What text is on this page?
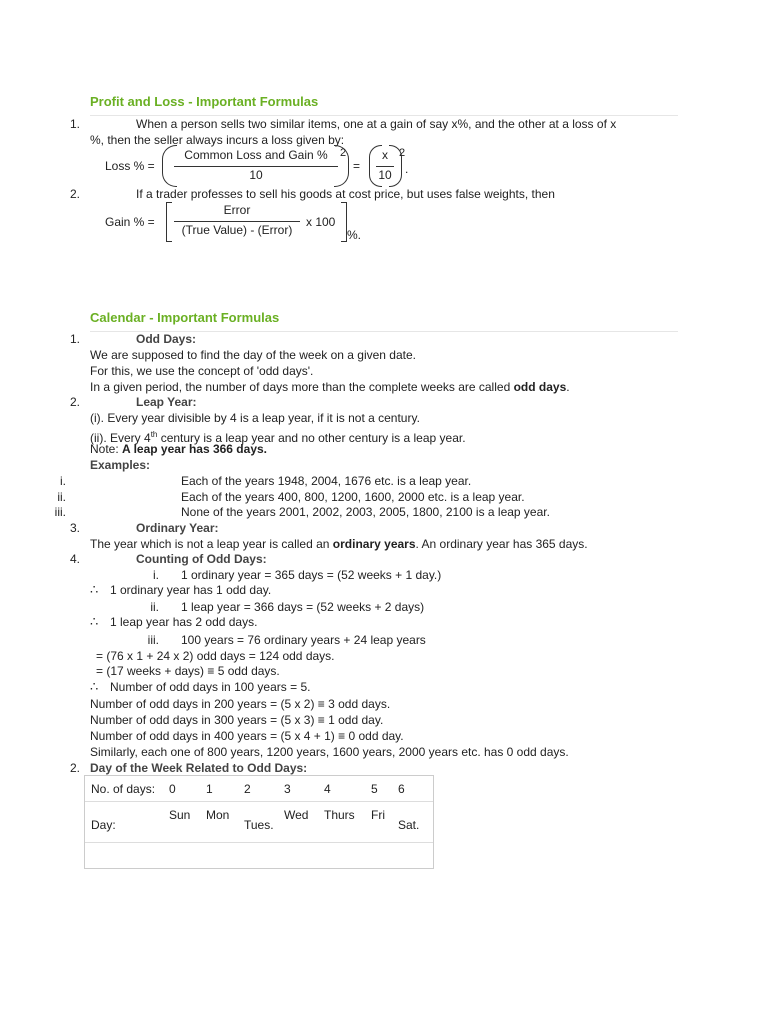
Profit and Loss - Important Formulas
1.	When a person sells two similar items, one at a gain of say x%, and the other at a loss of x
%, then the seller always incurs a loss given by:
Loss % =
Common Loss and Gain %
10
2
=
x
10
2
.
2.	If a trader professes to sell his goods at cost price, but uses false weights, then
Gain % =
Error
(True Value) - (Error)
x 100
%.
Calendar - Important Formulas
1.	Odd Days:
We are supposed to find the day of the week on a given date.
For this, we use the concept of 'odd days'.
In a given period, the number of days more than the complete weeks are called odd days.
2.	Leap Year:
(i). Every year divisible by 4 is a leap year, if it is not a century.
(ii). Every 4th century is a leap year and no other century is a leap year.
Note: A leap year has 366 days.
Examples:
i.	Each of the years 1948, 2004, 1676 etc. is a leap year.
ii.	Each of the years 400, 800, 1200, 1600, 2000 etc. is a leap year.
iii.	None of the years 2001, 2002, 2003, 2005, 1800, 2100 is a leap year.
3.	Ordinary Year:
The year which is not a leap year is called an ordinary years. An ordinary year has 365 days.
4.	Counting of Odd Days:
i. 1 ordinary year = 365 days = (52 weeks + 1 day.)
∴ 1 ordinary year has 1 odd day.
ii. 1 leap year = 366 days = (52 weeks + 2 days)
∴ 1 leap year has 2 odd days.
iii. 100 years = 76 ordinary years + 24 leap years
= (76 x 1 + 24 x 2) odd days = 124 odd days.
= (17 weeks + days) ≡ 5 odd days.
∴ Number of odd days in 100 years = 5.
Number of odd days in 200 years = (5 x 2) ≡ 3 odd days.
Number of odd days in 300 years = (5 x 3) ≡ 1 odd day.
Number of odd days in 400 years = (5 x 4 + 1) ≡ 0 odd day.
Similarly, each one of 800 years, 1200 years, 1600 years, 2000 years etc. has 0 odd days.
2. Day of the Week Related to Odd Days:
No. of days:	0	1	2	3	4	5	6
Day:	Sun	Mon	Tues.	Wed	Thurs	Fri	Sat.
